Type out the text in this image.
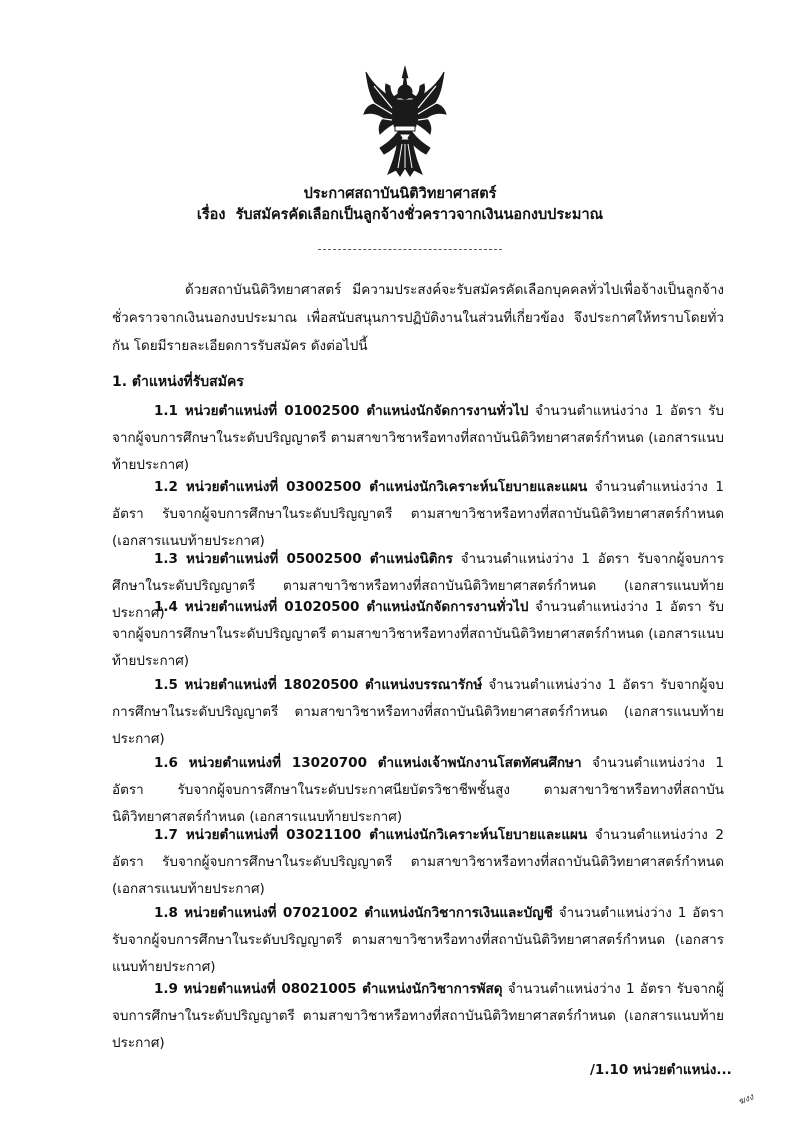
ประกาศสถาบันนิติวิทยาศาสตร์
เรื่อง รับสมัครคัดเลือกเป็นลูกจ้างชั่วคราวจากเงินนอกงบประมาณ
ด้วยสถาบันนิติวิทยาศาสตร์ มีความประสงค์จะรับสมัครคัดเลือกบุคคลทั่วไปเพื่อจ้างเป็นลูกจ้างชั่วคราวจากเงินนอกงบประมาณ เพื่อสนับสนุนการปฏิบัติงานในส่วนที่เกี่ยวข้อง จึงประกาศให้ทราบโดยทั่วกัน โดยมีรายละเอียดการรับสมัคร ดังต่อไปนี้
1. ตำแหน่งที่รับสมัคร
1.1 หน่วยตำแหน่งที่ 01002500 ตำแหน่งนักจัดการงานทั่วไป จำนวนตำแหน่งว่าง 1 อัตรา รับจากผู้จบการศึกษาในระดับปริญญาตรี ตามสาขาวิชาหรือทางที่สถาบันนิติวิทยาศาสตร์กำหนด (เอกสารแนบท้ายประกาศ)
1.2 หน่วยตำแหน่งที่ 03002500 ตำแหน่งนักวิเคราะห์นโยบายและแผน จำนวนตำแหน่งว่าง 1 อัตรา รับจากผู้จบการศึกษาในระดับปริญญาตรี ตามสาขาวิชาหรือทางที่สถาบันนิติวิทยาศาสตร์กำหนด (เอกสารแนบท้ายประกาศ)
1.3 หน่วยตำแหน่งที่ 05002500 ตำแหน่งนิติกร จำนวนตำแหน่งว่าง 1 อัตรา รับจากผู้จบการศึกษาในระดับปริญญาตรี ตามสาขาวิชาหรือทางที่สถาบันนิติวิทยาศาสตร์กำหนด (เอกสารแนบท้ายประกาศ)
1.4 หน่วยตำแหน่งที่ 01020500 ตำแหน่งนักจัดการงานทั่วไป จำนวนตำแหน่งว่าง 1 อัตรา รับจากผู้จบการศึกษาในระดับปริญญาตรี ตามสาขาวิชาหรือทางที่สถาบันนิติวิทยาศาสตร์กำหนด (เอกสารแนบท้ายประกาศ)
1.5 หน่วยตำแหน่งที่ 18020500 ตำแหน่งบรรณารักษ์ จำนวนตำแหน่งว่าง 1 อัตรา รับจากผู้จบการศึกษาในระดับปริญญาตรี ตามสาขาวิชาหรือทางที่สถาบันนิติวิทยาศาสตร์กำหนด (เอกสารแนบท้ายประกาศ)
1.6 หน่วยตำแหน่งที่ 13020700 ตำแหน่งเจ้าพนักงานโสตทัศนศึกษา จำนวนตำแหน่งว่าง 1 อัตรา รับจากผู้จบการศึกษาในระดับประกาศนียบัตรวิชาชีพชั้นสูง ตามสาขาวิชาหรือทางที่สถาบันนิติวิทยาศาสตร์กำหนด (เอกสารแนบท้ายประกาศ)
1.7 หน่วยตำแหน่งที่ 03021100 ตำแหน่งนักวิเคราะห์นโยบายและแผน จำนวนตำแหน่งว่าง 2 อัตรา รับจากผู้จบการศึกษาในระดับปริญญาตรี ตามสาขาวิชาหรือทางที่สถาบันนิติวิทยาศาสตร์กำหนด (เอกสารแนบท้ายประกาศ)
1.8 หน่วยตำแหน่งที่ 07021002 ตำแหน่งนักวิชาการเงินและบัญชี จำนวนตำแหน่งว่าง 1 อัตรา รับจากผู้จบการศึกษาในระดับปริญญาตรี ตามสาขาวิชาหรือทางที่สถาบันนิติวิทยาศาสตร์กำหนด (เอกสารแนบท้ายประกาศ)
1.9 หน่วยตำแหน่งที่ 08021005 ตำแหน่งนักวิชาการพัสดุ จำนวนตำแหน่งว่าง 1 อัตรา รับจากผู้จบการศึกษาในระดับปริญญาตรี ตามสาขาวิชาหรือทางที่สถาบันนิติวิทยาศาสตร์กำหนด (เอกสารแนบท้ายประกาศ)
/1.10 หน่วยตำแหน่ง...
ฆงง
